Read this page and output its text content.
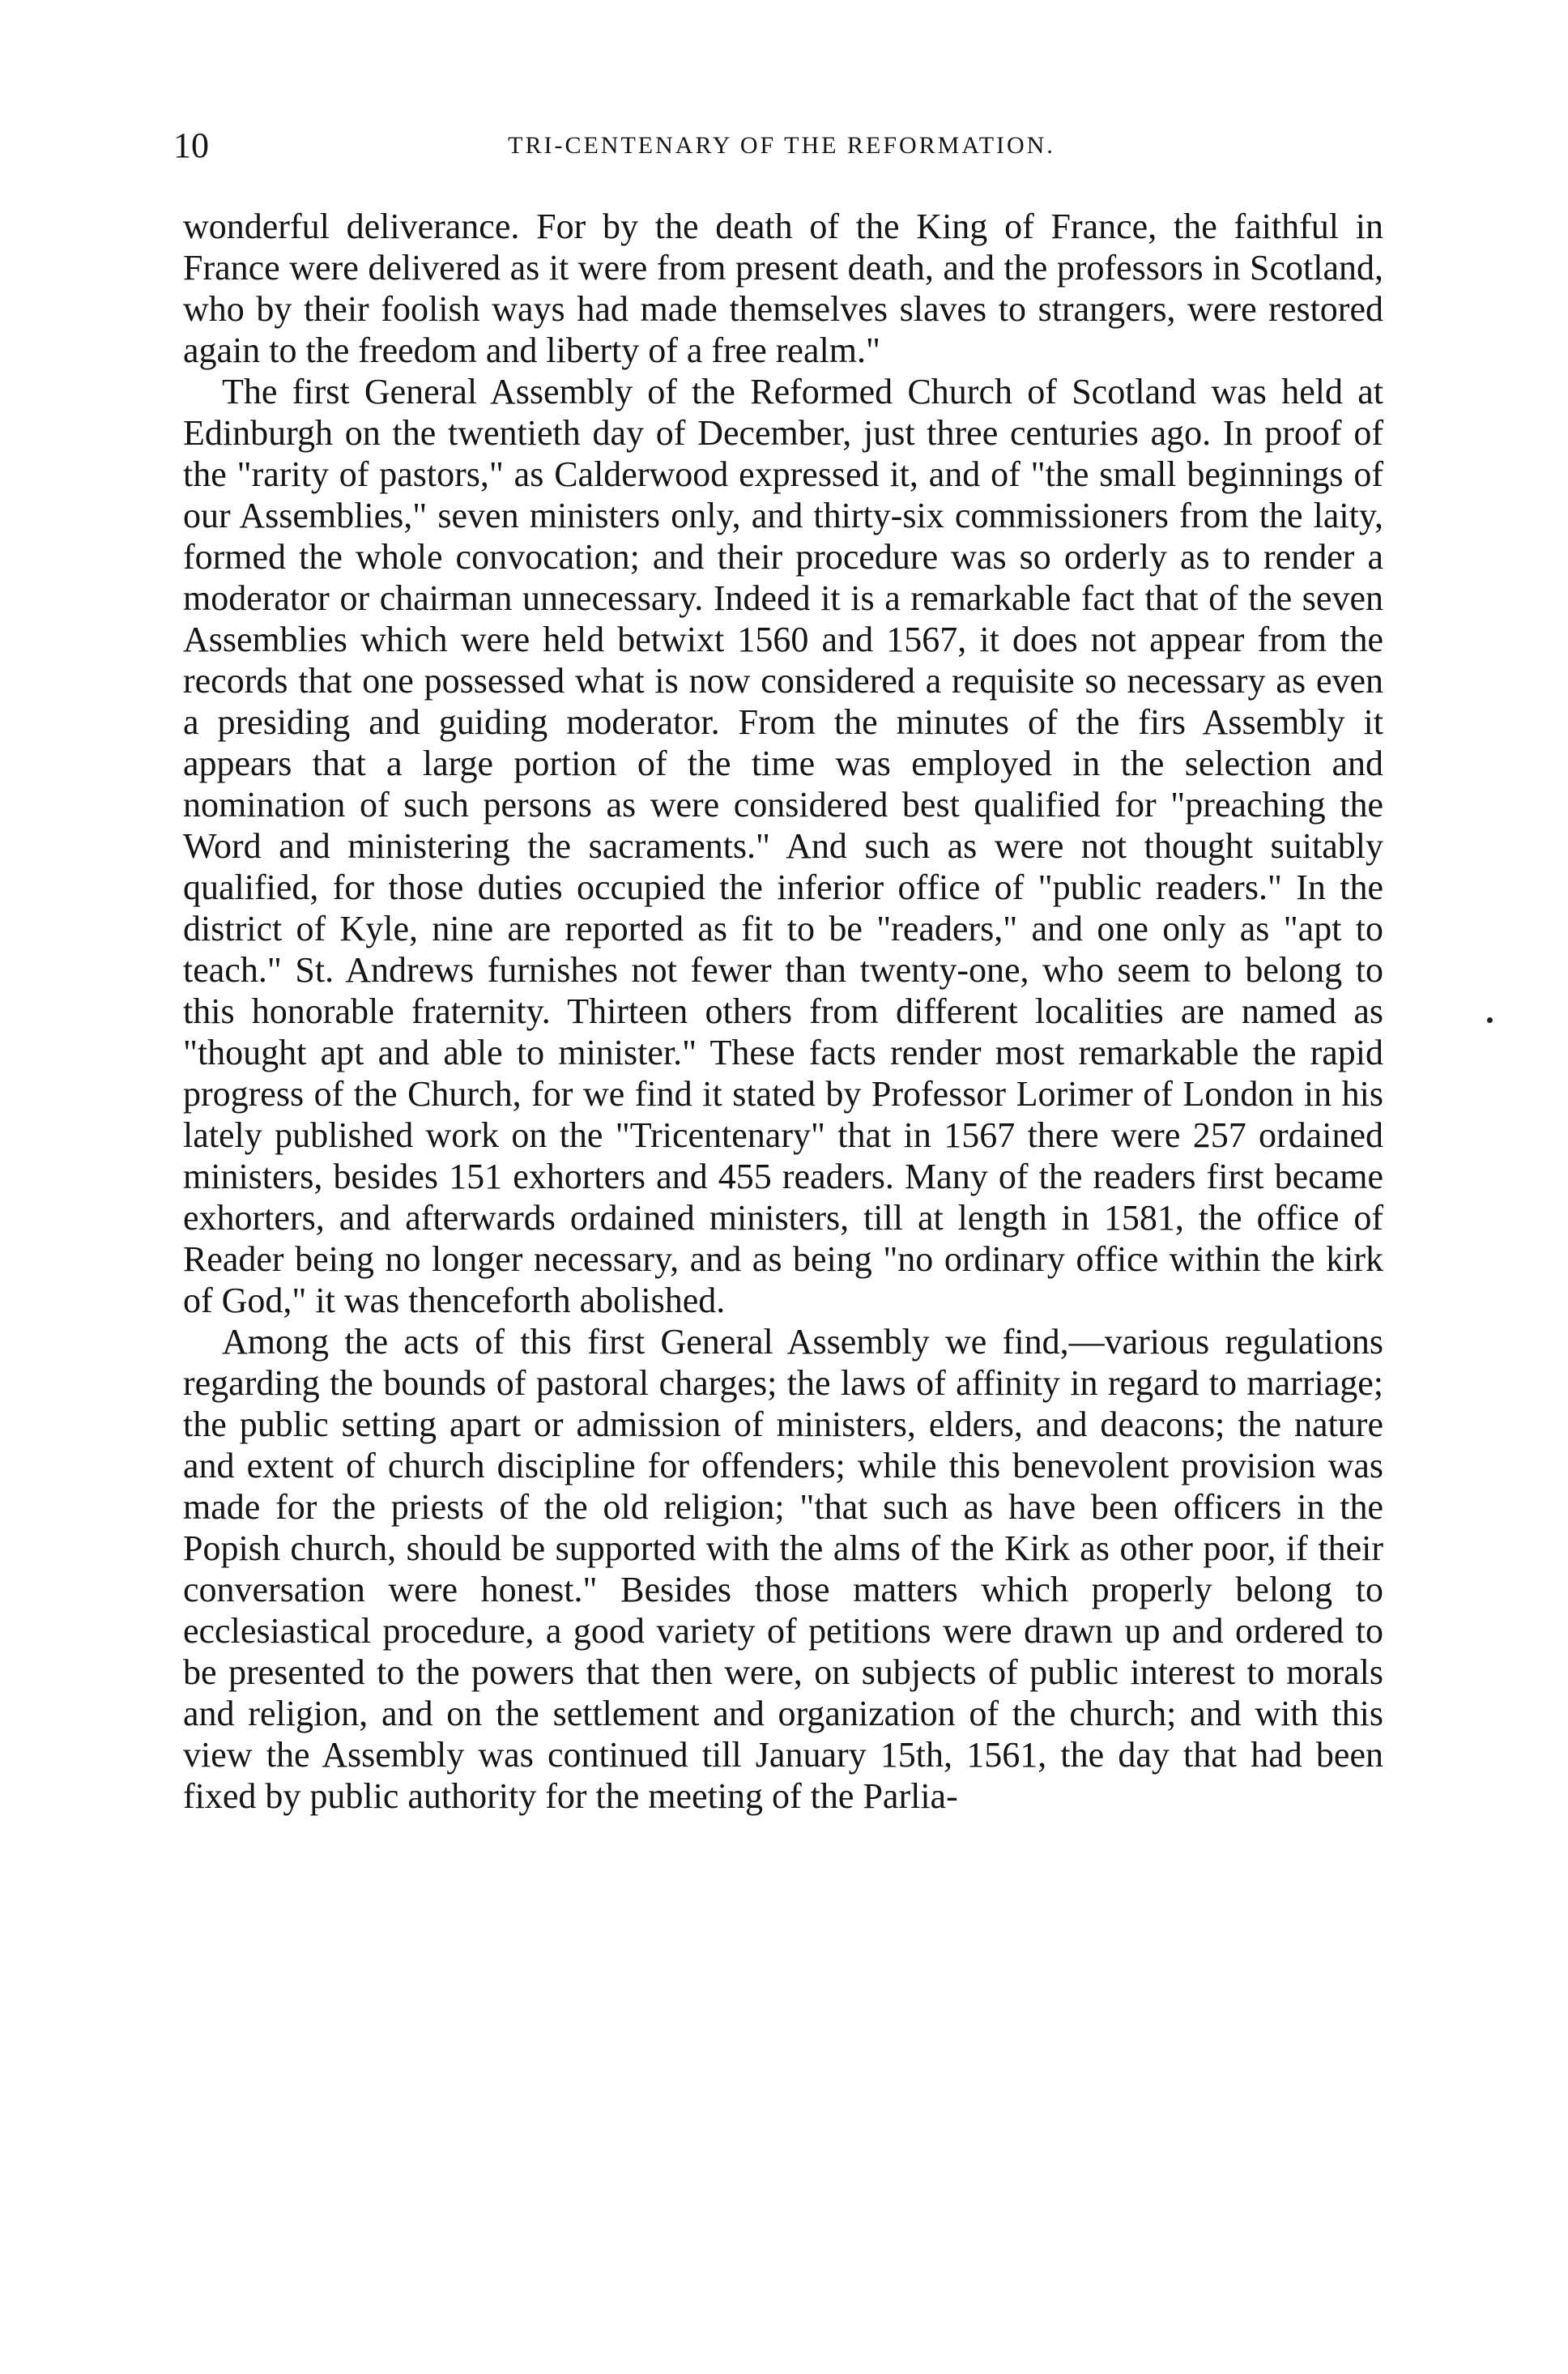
10	TRI-CENTENARY OF THE REFORMATION.

wonderful deliverance. For by the death of the King of France, the faithful in France were delivered as it were from present death, and the professors in Scotland, who by their foolish ways had made themselves slaves to strangers, were restored again to the freedom and liberty of a free realm."

The first General Assembly of the Reformed Church of Scotland was held at Edinburgh on the twentieth day of December, just three centuries ago. In proof of the "rarity of pastors," as Calderwood expressed it, and of "the small beginnings of our Assemblies," seven ministers only, and thirty-six commissioners from the laity, formed the whole convocation; and their procedure was so orderly as to render a moderator or chairman unnecessary. Indeed it is a remarkable fact that of the seven Assemblies which were held betwixt 1560 and 1567, it does not appear from the records that one possessed what is now considered a requisite so necessary as even a presiding and guiding moderator. From the minutes of the firs Assembly it appears that a large portion of the time was employed in the selection and nomination of such persons as were considered best qualified for "preaching the Word and ministering the sacraments." And such as were not thought suitably qualified, for those duties occupied the inferior office of "public readers." In the district of Kyle, nine are reported as fit to be "readers," and one only as "apt to teach." St. Andrews furnishes not fewer than twenty-one, who seem to belong to this honorable fraternity. Thirteen others from different localities are named as "thought apt and able to minister." These facts render most remarkable the rapid progress of the Church, for we find it stated by Professor Lorimer of London in his lately published work on the "Tricentenary" that in 1567 there were 257 ordained ministers, besides 151 exhorters and 455 readers. Many of the readers first became exhorters, and afterwards ordained ministers, till at length in 1581, the office of Reader being no longer necessary, and as being "no ordinary office within the kirk of God," it was thenceforth abolished.

Among the acts of this first General Assembly we find,—various regulations regarding the bounds of pastoral charges; the laws of affinity in regard to marriage; the public setting apart or admission of ministers, elders, and deacons; the nature and extent of church discipline for offenders; while this benevolent provision was made for the priests of the old religion; "that such as have been officers in the Popish church, should be supported with the alms of the Kirk as other poor, if their conversation were honest." Besides those matters which properly belong to ecclesiastical procedure, a good variety of petitions were drawn up and ordered to be presented to the powers that then were, on subjects of public interest to morals and religion, and on the settlement and organization of the church; and with this view the Assembly was continued till January 15th, 1561, the day that had been fixed by public authority for the meeting of the Parlia-
